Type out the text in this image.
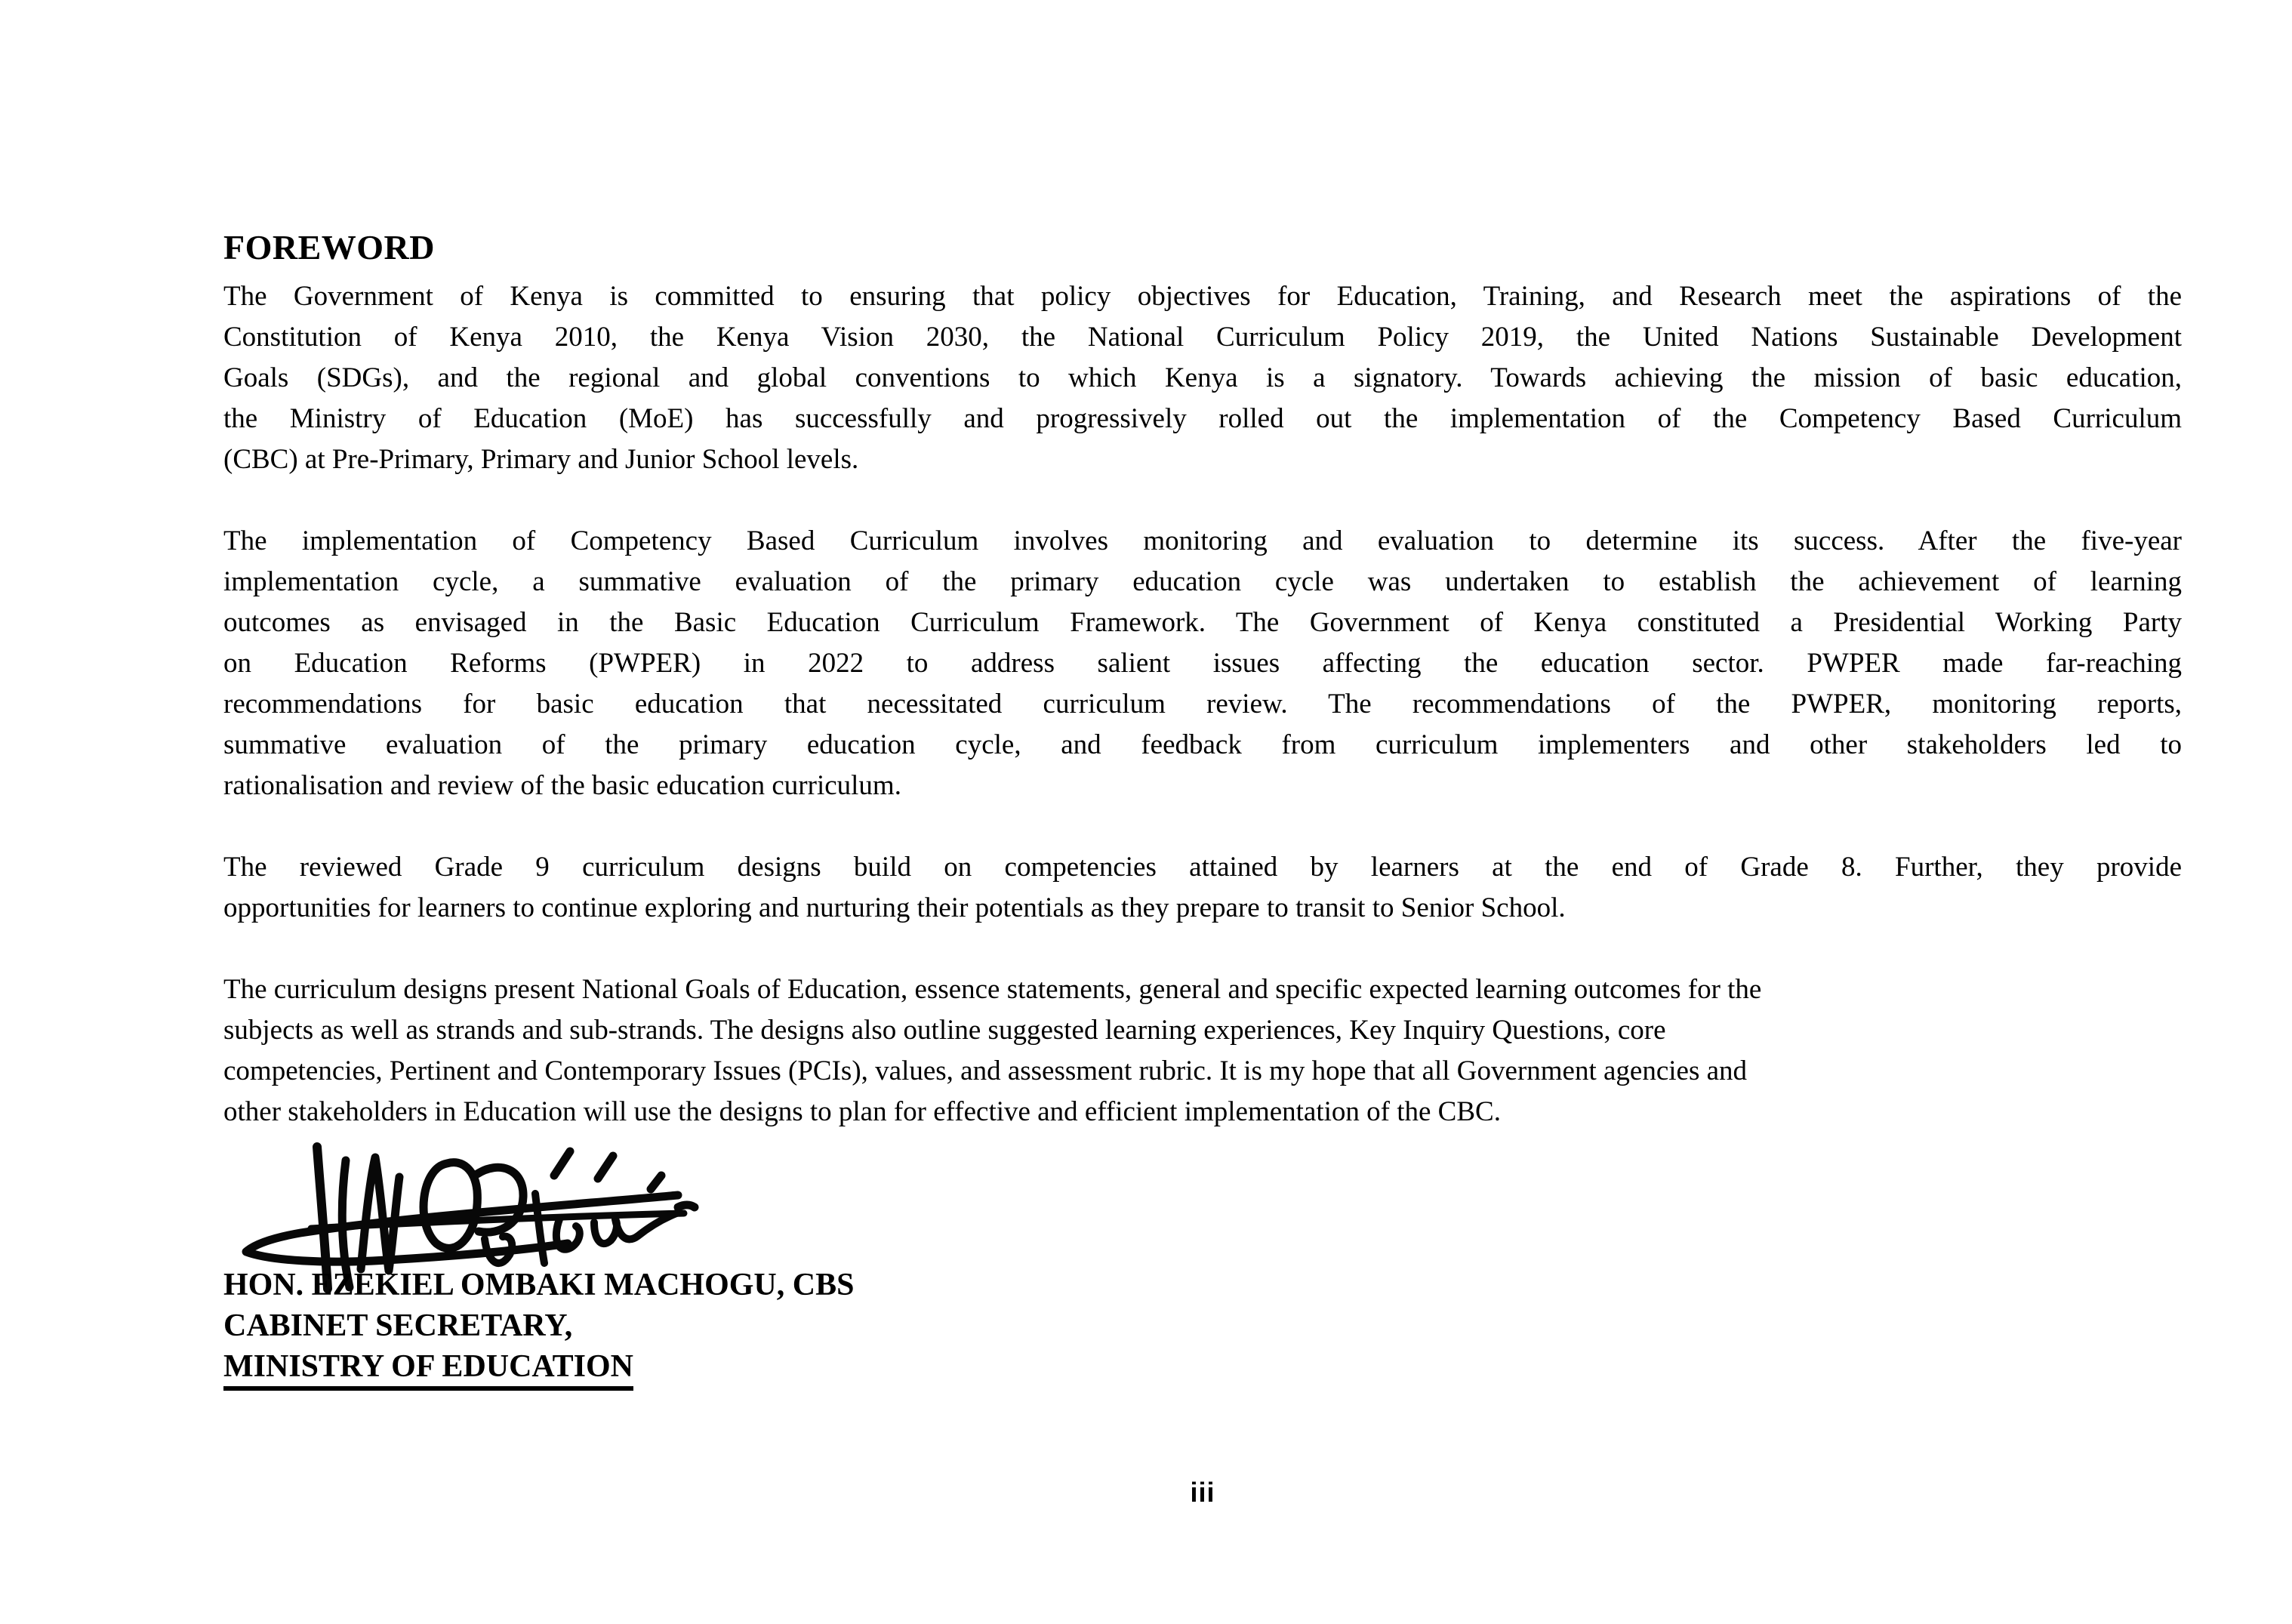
FOREWORD
The Government of Kenya is committed to ensuring that policy objectives for Education, Training, and Research meet the aspirations of the
Constitution of Kenya 2010, the Kenya Vision 2030, the National Curriculum Policy 2019, the United Nations Sustainable Development
Goals (SDGs), and the regional and global conventions to which Kenya is a signatory. Towards achieving the mission of basic education,
the Ministry of Education (MoE) has successfully and progressively rolled out the implementation of the Competency Based Curriculum
(CBC) at Pre-Primary, Primary and Junior School levels.
The implementation of Competency Based Curriculum involves monitoring and evaluation to determine its success. After the five-year
implementation cycle, a summative evaluation of the primary education cycle was undertaken to establish the achievement of learning
outcomes as envisaged in the Basic Education Curriculum Framework. The Government of Kenya constituted a Presidential Working Party
on Education Reforms (PWPER) in 2022 to address salient issues affecting the education sector. PWPER made far-reaching
recommendations for basic education that necessitated curriculum review. The recommendations of the PWPER, monitoring reports,
summative evaluation of the primary education cycle, and feedback from curriculum implementers and other stakeholders led to
rationalisation and review of the basic education curriculum.
The reviewed Grade 9 curriculum designs build on competencies attained by learners at the end of Grade 8. Further, they provide
opportunities for learners to continue exploring and nurturing their potentials as they prepare to transit to Senior School.
The curriculum designs present National Goals of Education, essence statements, general and specific expected learning outcomes for the
subjects as well as strands and sub-strands. The designs also outline suggested learning experiences, Key Inquiry Questions, core
competencies, Pertinent and Contemporary Issues (PCIs), values, and assessment rubric. It is my hope that all Government agencies and
other stakeholders in Education will use the designs to plan for effective and efficient implementation of the CBC.
HON. EZEKIEL OMBAKI MACHOGU, CBS
CABINET SECRETARY,
MINISTRY OF EDUCATION
iii
